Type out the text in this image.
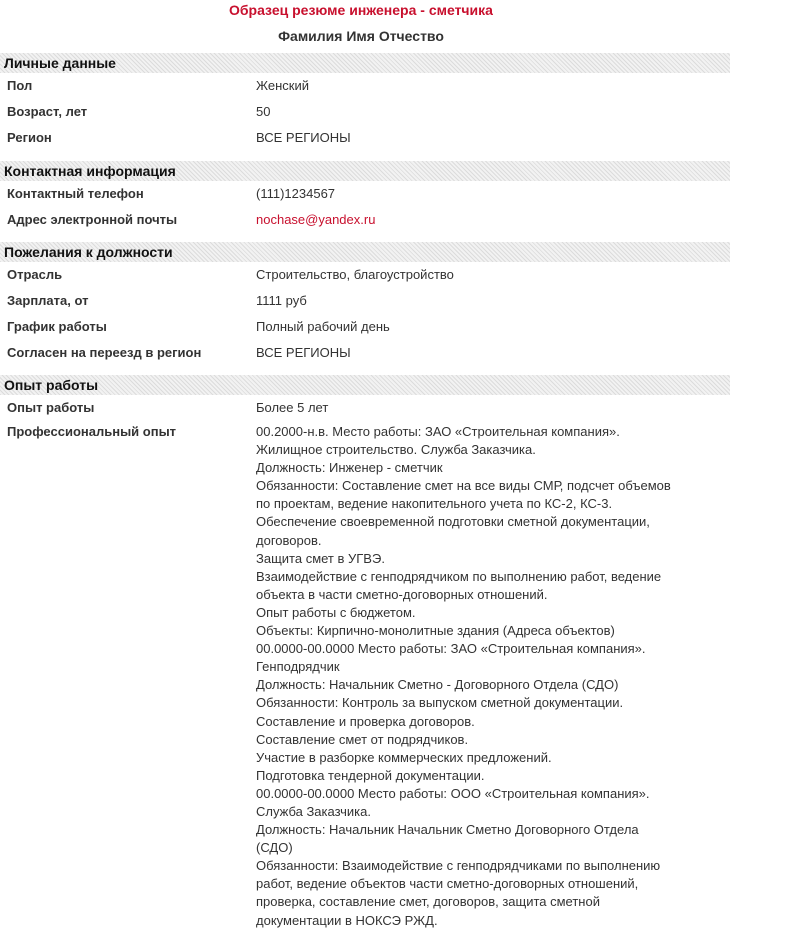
Образец резюме инженера - сметчика
Фамилия Имя Отчество
Личные данные
Пол	Женский
Возраст, лет	50
Регион	ВСЕ РЕГИОНЫ
Контактная информация
Контактный телефон	(111)1234567
Адрес электронной почты	nochase@yandex.ru
Пожелания к должности
Отрасль	Строительство, благоустройство
Зарплата, от	1111 руб
График работы	Полный рабочий день
Согласен на переезд в регион	ВСЕ РЕГИОНЫ
Опыт работы
Опыт работы	Более 5 лет
Профессиональный опыт	00.2000-н.в. Место работы: ЗАО «Строительная компания».
Жилищное строительство. Служба Заказчика.
Должность: Инженер - сметчик
Обязанности: Составление смет на все виды СМР, подсчет объемов
по проектам, ведение накопительного учета по КС-2, КС-3.
Обеспечение своевременной подготовки сметной документации,
договоров.
Защита смет в УГВЭ.
Взаимодействие с генподрядчиком по выполнению работ, ведение
объекта в части сметно-договорных отношений.
Опыт работы с бюджетом.
Объекты: Кирпично-монолитные здания (Адреса объектов)
00.0000-00.0000 Место работы: ЗАО «Строительная компания».
Генподрядчик
Должность: Начальник Сметно - Договорного Отдела (СДО)
Обязанности: Контроль за выпуском сметной документации.
Составление и проверка договоров.
Составление смет от подрядчиков.
Участие в разборке коммерческих предложений.
Подготовка тендерной документации.
00.0000-00.0000 Место работы: ООО «Строительная компания».
Служба Заказчика.
Должность: Начальник Начальник Сметно Договорного Отдела
(СДО)
Обязанности: Взаимодействие с генподрядчиками по выполнению
работ, ведение объектов части сметно-договорных отношений,
проверка, составление смет, договоров, защита сметной
документации в НОКСЭ РЖД.
